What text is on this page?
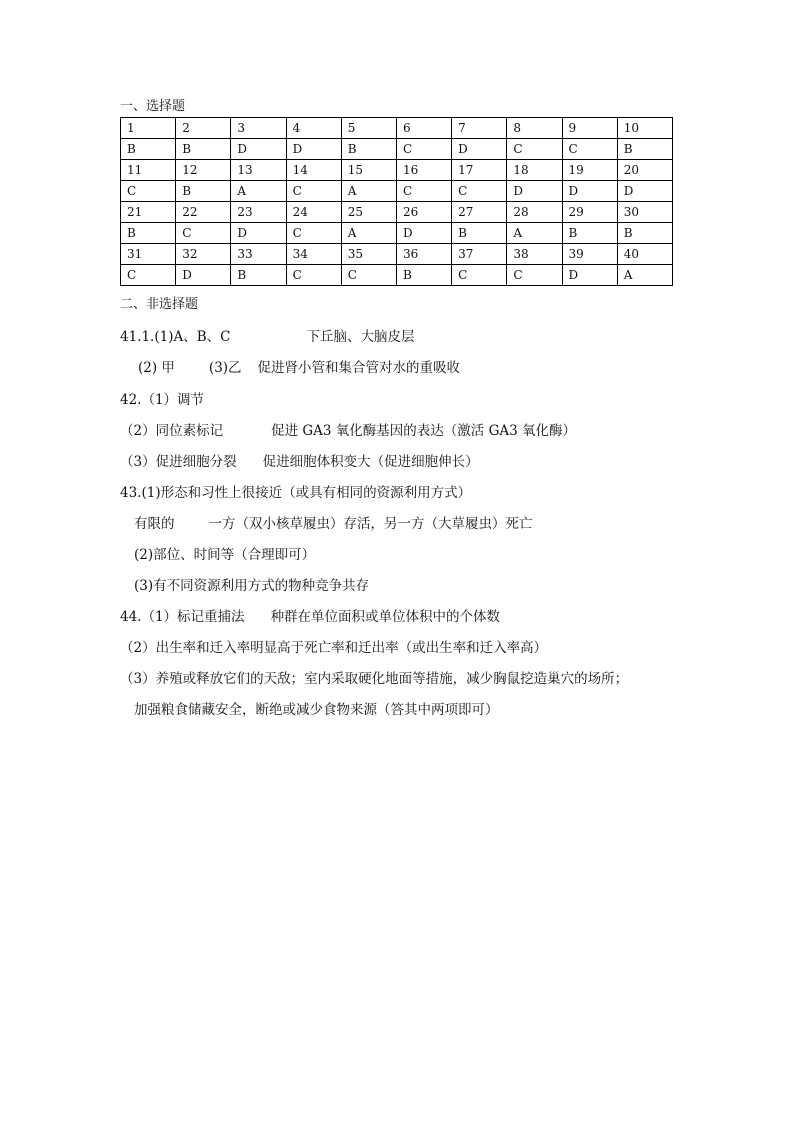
一、选择题
1	2	3	4	5	6	7	8	9	10
B	B	D	D	B	C	D	C	C	B
11	12	13	14	15	16	17	18	19	20
C	B	A	C	A	C	C	D	D	D
21	22	23	24	25	26	27	28	29	30
B	C	D	C	A	D	B	A	B	B
31	32	33	34	35	36	37	38	39	40
C	D	B	C	C	B	C	C	D	A
二、非选择题
41.1.(1)A、B、C	下丘脑、大脑皮层
(2) 甲	(3)乙 促进肾小管和集合管对水的重吸收
42.（1）调节
（2）同位素标记	促进 GA3 氧化酶基因的表达（激活 GA3 氧化酶）
（3）促进细胞分裂 促进细胞体积变大（促进细胞伸长）
43.(1)形态和习性上很接近（或具有相同的资源利用方式）
有限的	一方（双小核草履虫）存活，另一方（大草履虫）死亡
(2)部位、时间等（合理即可）
(3)有不同资源利用方式的物种竞争共存
44.（1）标记重捕法 种群在单位面积或单位体积中的个体数
（2）出生率和迁入率明显高于死亡率和迁出率（或出生率和迁入率高）
（3）养殖或释放它们的天敌；室内采取硬化地面等措施，减少胸鼠挖造巢穴的场所；
加强粮食储藏安全，断绝或减少食物来源（答其中两项即可）
